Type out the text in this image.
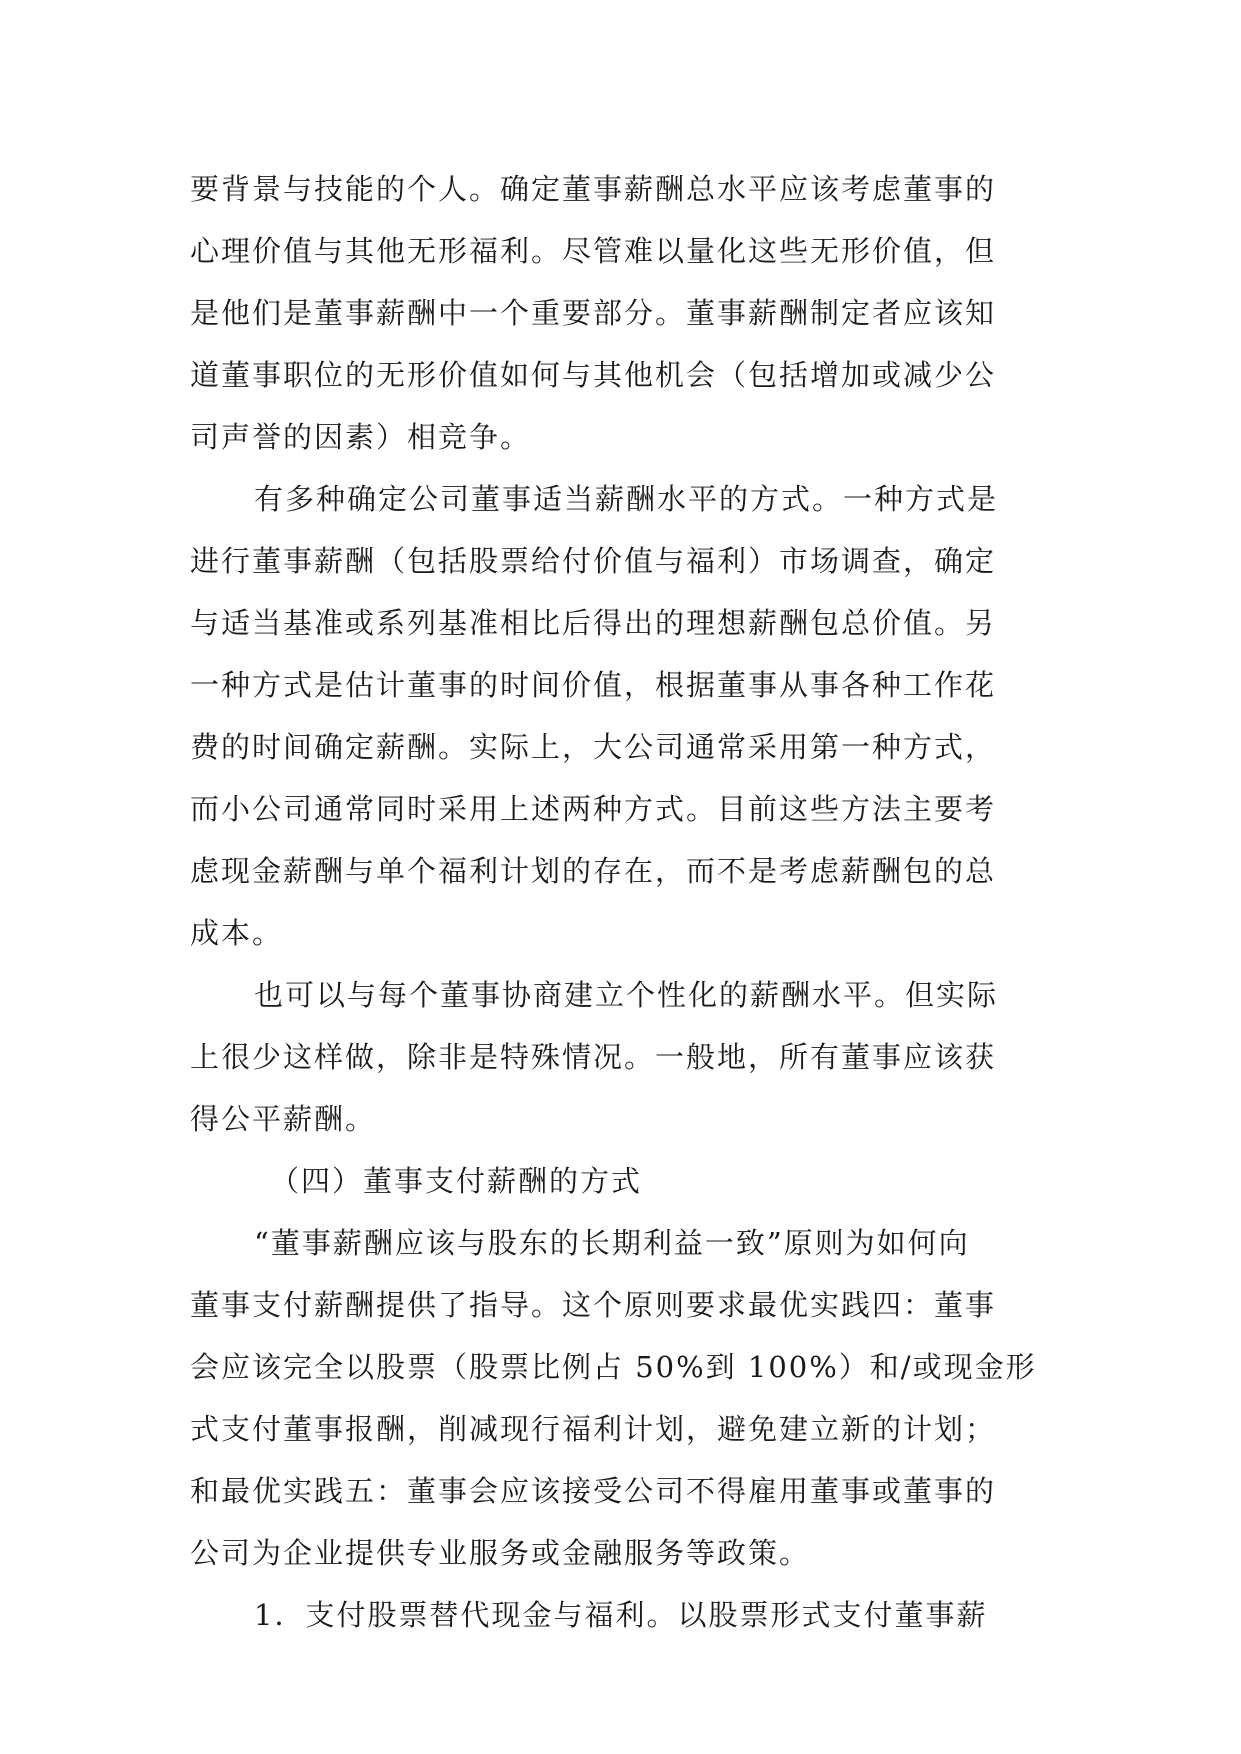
要背景与技能的个人。确定董事薪酬总水平应该考虑董事的
心理价值与其他无形福利。尽管难以量化这些无形价值，但
是他们是董事薪酬中一个重要部分。董事薪酬制定者应该知
道董事职位的无形价值如何与其他机会（包括增加或减少公
司声誉的因素）相竞争。
有多种确定公司董事适当薪酬水平的方式。一种方式是
进行董事薪酬（包括股票给付价值与福利）市场调查，确定
与适当基准或系列基准相比后得出的理想薪酬包总价值。另
一种方式是估计董事的时间价值，根据董事从事各种工作花
费的时间确定薪酬。实际上，大公司通常采用第一种方式，
而小公司通常同时采用上述两种方式。目前这些方法主要考
虑现金薪酬与单个福利计划的存在，而不是考虑薪酬包的总
成本。
也可以与每个董事协商建立个性化的薪酬水平。但实际
上很少这样做，除非是特殊情况。一般地，所有董事应该获
得公平薪酬。
（四）董事支付薪酬的方式
“董事薪酬应该与股东的长期利益一致”原则为如何向
董事支付薪酬提供了指导。这个原则要求最优实践四：董事
会应该完全以股票（股票比例占 50%到 100%）和/或现金形
式支付董事报酬，削减现行福利计划，避免建立新的计划；
和最优实践五：董事会应该接受公司不得雇用董事或董事的
公司为企业提供专业服务或金融服务等政策。
1．支付股票替代现金与福利。以股票形式支付董事薪
